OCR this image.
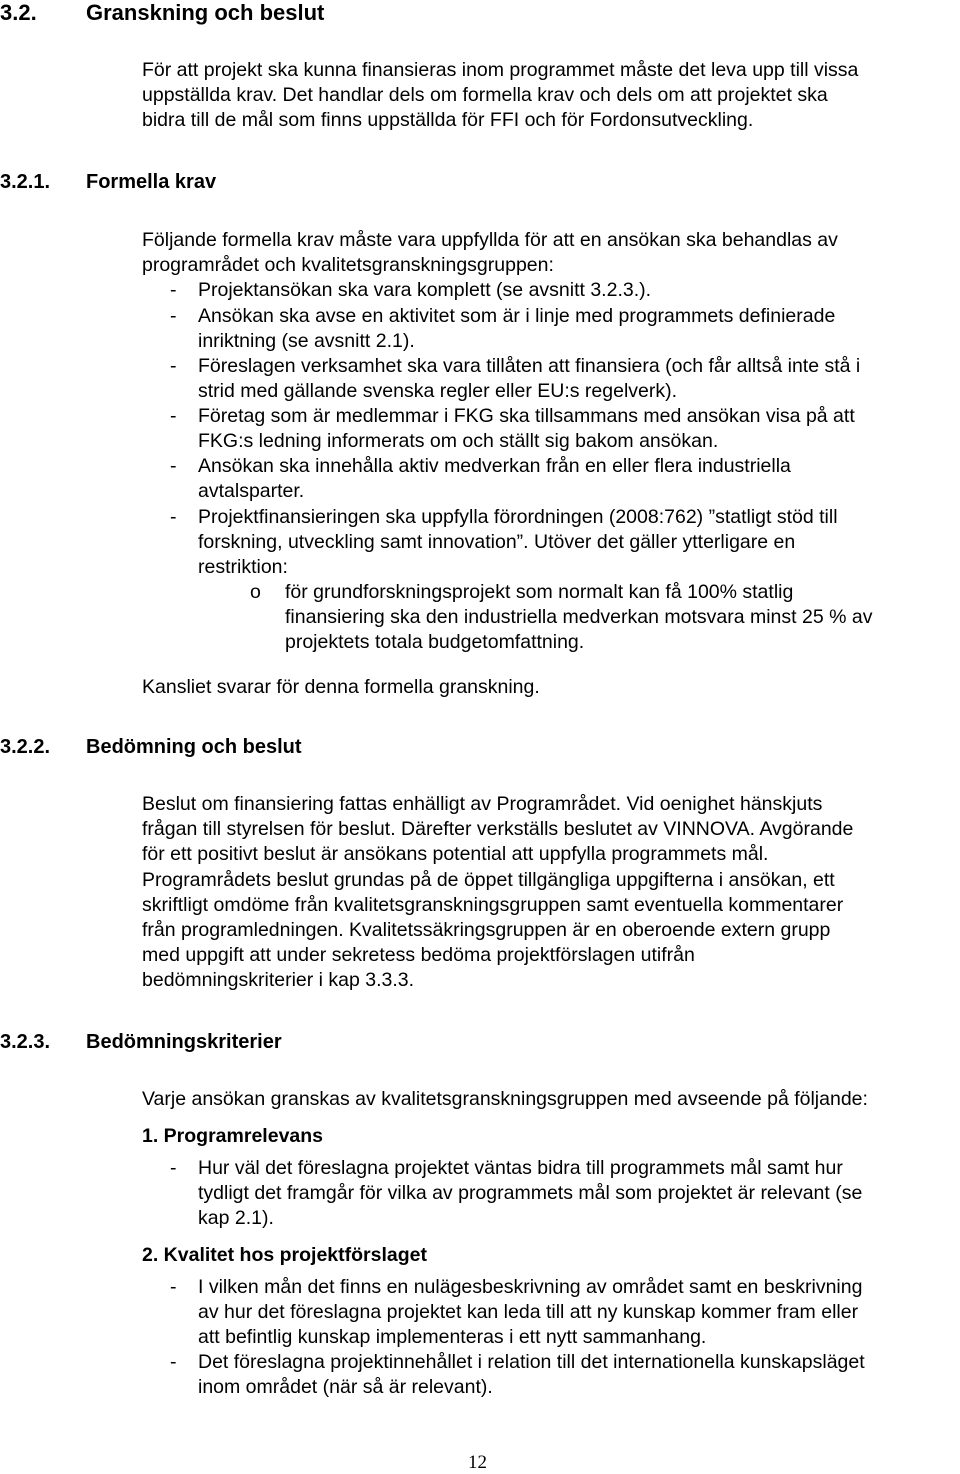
3.2. Granskning och beslut
För att projekt ska kunna finansieras inom programmet måste det leva upp till vissa
uppställda krav. Det handlar dels om formella krav och dels om att projektet ska
bidra till de mål som finns uppställda för FFI och för Fordonsutveckling.
3.2.1. Formella krav
Följande formella krav måste vara uppfyllda för att en ansökan ska behandlas av
programrådet och kvalitetsgranskningsgruppen:
- Projektansökan ska vara komplett (se avsnitt 3.2.3.).
- Ansökan ska avse en aktivitet som är i linje med programmets definierade
inriktning (se avsnitt 2.1).
- Föreslagen verksamhet ska vara tillåten att finansiera (och får alltså inte stå i
strid med gällande svenska regler eller EU:s regelverk).
- Företag som är medlemmar i FKG ska tillsammans med ansökan visa på att
FKG:s ledning informerats om och ställt sig bakom ansökan.
- Ansökan ska innehålla aktiv medverkan från en eller flera industriella
avtalsparter.
- Projektfinansieringen ska uppfylla förordningen (2008:762) ”statligt stöd till
forskning, utveckling samt innovation”. Utöver det gäller ytterligare en
restriktion:
o för grundforskningsprojekt som normalt kan få 100% statlig
finansiering ska den industriella medverkan motsvara minst 25 % av
projektets totala budgetomfattning.
Kansliet svarar för denna formella granskning.
3.2.2. Bedömning och beslut
Beslut om finansiering fattas enhälligt av Programrådet. Vid oenighet hänskjuts
frågan till styrelsen för beslut. Därefter verkställs beslutet av VINNOVA. Avgörande
för ett positivt beslut är ansökans potential att uppfylla programmets mål.
Programrådets beslut grundas på de öppet tillgängliga uppgifterna i ansökan, ett
skriftligt omdöme från kvalitetsgranskningsgruppen samt eventuella kommentarer
från programledningen. Kvalitetssäkringsgruppen är en oberoende extern grupp
med uppgift att under sekretess bedöma projektförslagen utifrån
bedömningskriterier i kap 3.3.3.
3.2.3. Bedömningskriterier
Varje ansökan granskas av kvalitetsgranskningsgruppen med avseende på följande:
1. Programrelevans
- Hur väl det föreslagna projektet väntas bidra till programmets mål samt hur
tydligt det framgår för vilka av programmets mål som projektet är relevant (se
kap 2.1).
2. Kvalitet hos projektförslaget
- I vilken mån det finns en nulägesbeskrivning av området samt en beskrivning
av hur det föreslagna projektet kan leda till att ny kunskap kommer fram eller
att befintlig kunskap implementeras i ett nytt sammanhang.
- Det föreslagna projektinnehållet i relation till det internationella kunskapsläget
inom området (när så är relevant).
12
